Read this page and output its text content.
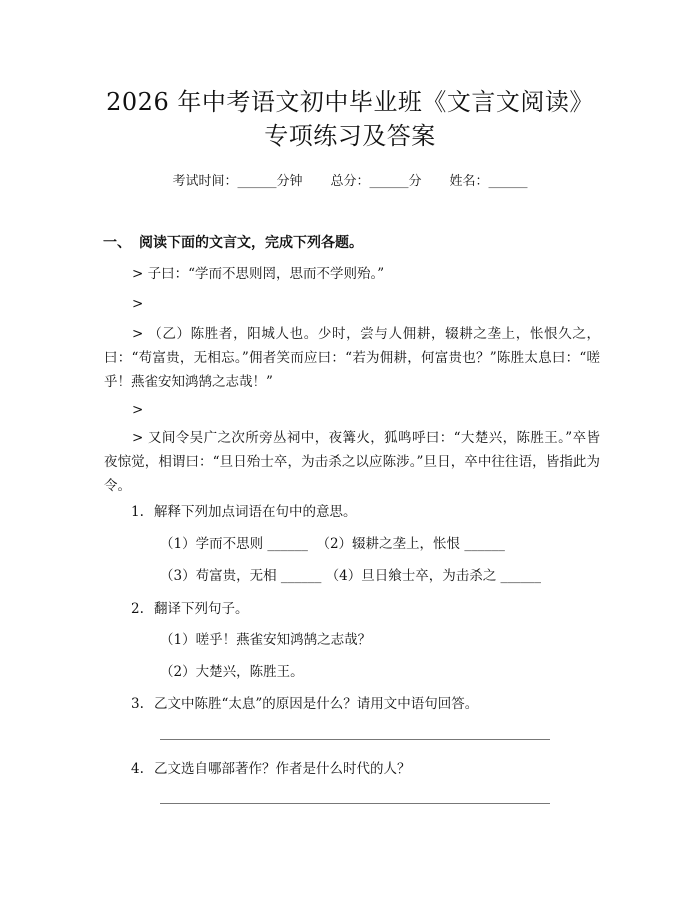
2026 年中考语文初中毕业班《文言文阅读》
专项练习及答案
考试时间：______分钟 总分：______分 姓名：______
一、 阅读下面的文言文，完成下列各题。
> 子曰：“学而不思则罔，思而不学则殆。”
>
> （乙）陈胜者，阳城人也。少时，尝与人佣耕，辍耕之垄上，怅恨久之，曰：“苟富贵，无相忘。”佣者笑而应曰：“若为佣耕，何富贵也？”陈胜太息曰：“嗟乎！燕雀安知鸿鹄之志哉！”
>
> 又间令吴广之次所旁丛祠中，夜篝火，狐鸣呼曰：“大楚兴，陈胜王。”卒皆夜惊觉，相谓曰：“旦日殆士卒，为击杀之以应陈涉。”旦日，卒中往往语，皆指此为令。
1. 解释下列加点词语在句中的意思。
（1）学而不思则 ______  （2）辍耕之垄上，怅恨 ______
（3）苟富贵，无相 ______ （4）旦日飨士卒，为击杀之 ______
2. 翻译下列句子。
（1）嗟乎！燕雀安知鸿鹄之志哉？
（2）大楚兴，陈胜王。
3. 乙文中陈胜“太息”的原因是什么？请用文中语句回答。
4. 乙文选自哪部著作？作者是什么时代的人？
